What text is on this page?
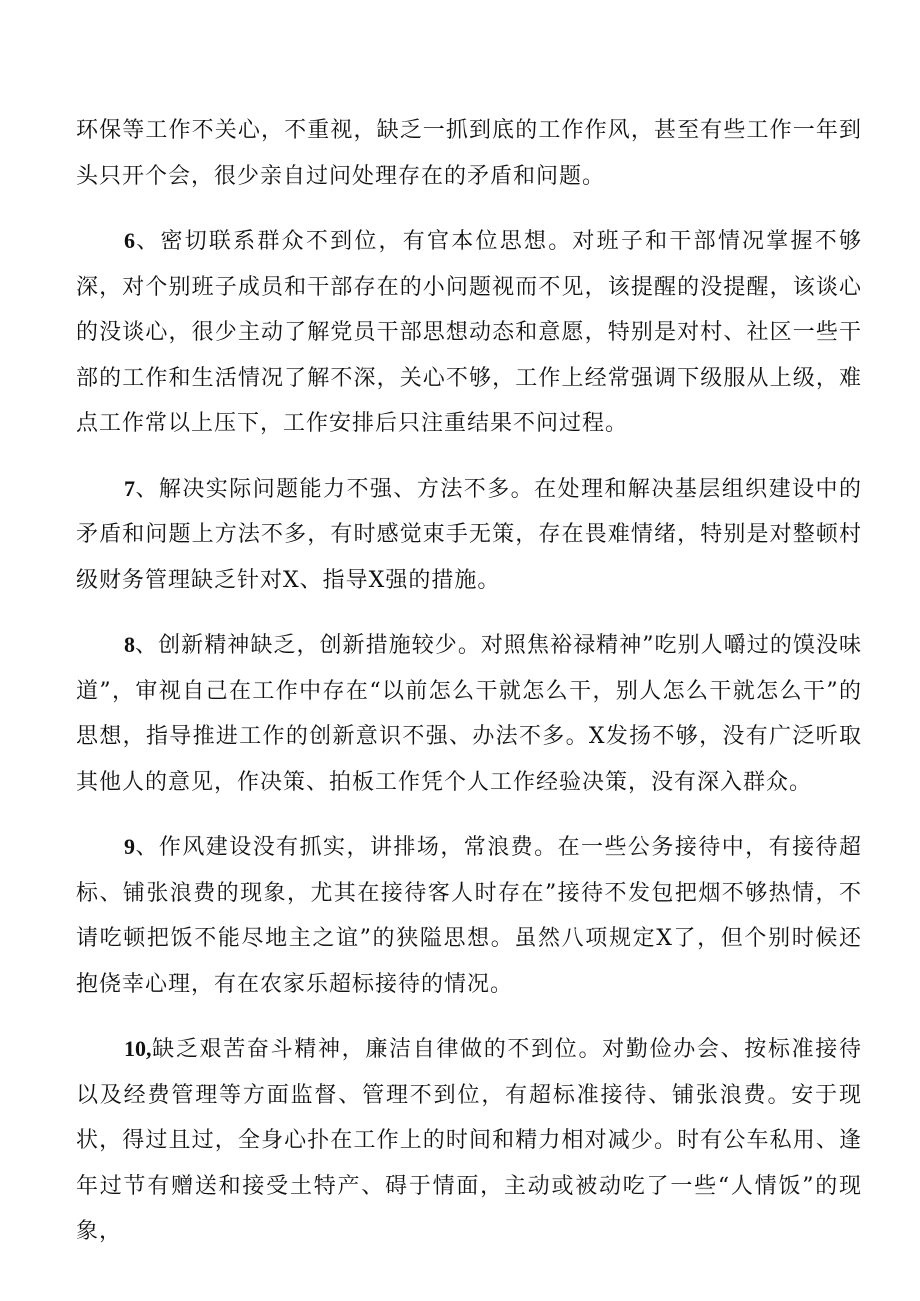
环保等工作不关心，不重视，缺乏一抓到底的工作作风，甚至有些工作一年到头只开个会，很少亲自过问处理存在的矛盾和问题。

6、密切联系群众不到位，有官本位思想。对班子和干部情况掌握不够深，对个别班子成员和干部存在的小问题视而不见，该提醒的没提醒，该谈心的没谈心，很少主动了解党员干部思想动态和意愿，特别是对村、社区一些干部的工作和生活情况了解不深，关心不够，工作上经常强调下级服从上级，难点工作常以上压下，工作安排后只注重结果不问过程。

7、解决实际问题能力不强、方法不多。在处理和解决基层组织建设中的矛盾和问题上方法不多，有时感觉束手无策，存在畏难情绪，特别是对整顿村级财务管理缺乏针对X、指导X强的措施。

8、创新精神缺乏，创新措施较少。对照焦裕禄精神”吃别人嚼过的馍没味道”，审视自己在工作中存在“以前怎么干就怎么干，别人怎么干就怎么干”的思想，指导推进工作的创新意识不强、办法不多。X发扬不够，没有广泛听取其他人的意见，作决策、拍板工作凭个人工作经验决策，没有深入群众。

9、作风建设没有抓实，讲排场，常浪费。在一些公务接待中，有接待超标、铺张浪费的现象，尤其在接待客人时存在”接待不发包把烟不够热情，不请吃顿把饭不能尽地主之谊”的狭隘思想。虽然八项规定X了，但个别时候还抱侥幸心理，有在农家乐超标接待的情况。

10,缺乏艰苦奋斗精神，廉洁自律做的不到位。对勤俭办会、按标准接待以及经费管理等方面监督、管理不到位，有超标准接待、铺张浪费。安于现状，得过且过，全身心扑在工作上的时间和精力相对减少。时有公车私用、逢年过节有赠送和接受土特产、碍于情面，主动或被动吃了一些“人情饭”的现象，
